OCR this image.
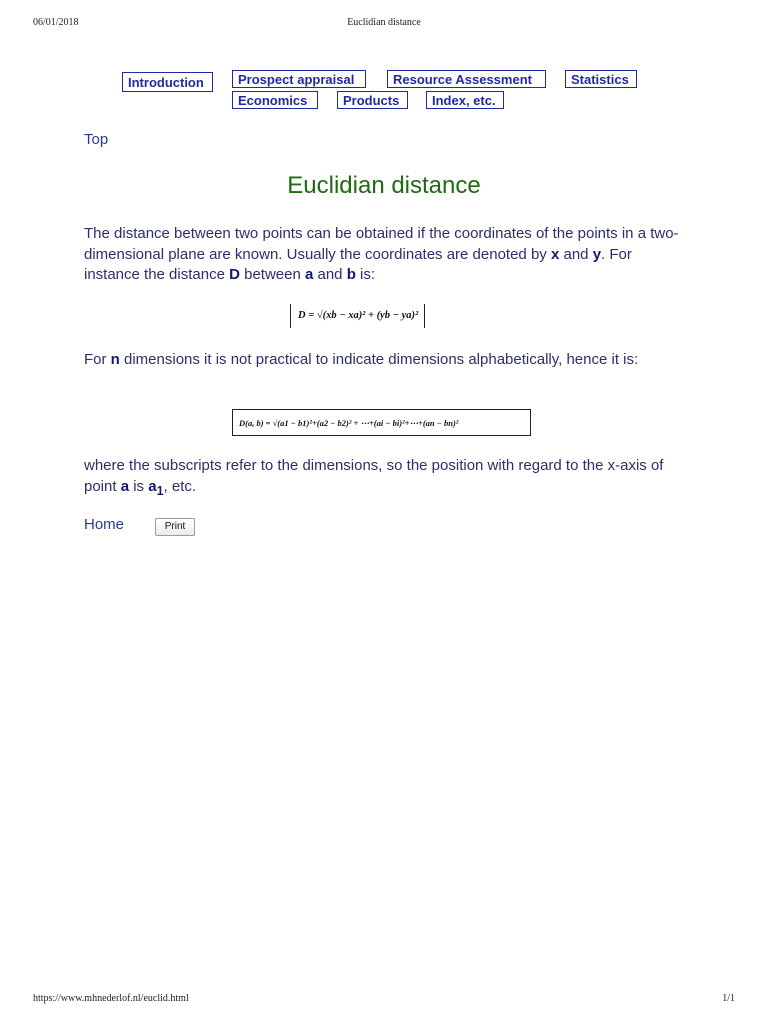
06/01/2018	Euclidian distance
Introduction	Prospect appraisal	Resource Assessment	Statistics
Economics	Products	Index, etc.
Top
Euclidian distance
The distance between two points can be obtained if the coordinates of the points in a two-dimensional plane are known. Usually the coordinates are denoted by x and y. For instance the distance D between a and b is:
D = √(xb − xa)² + (yb − ya)²
For n dimensions it is not practical to indicate dimensions alphabetically, hence it is:
D(a, b) = √(a1 − b1)²+(a2 − b2)² + ⋯+(ai − bi)²+⋯+(an − bn)²
where the subscripts refer to the dimensions, so the position with regard to the x-axis of point a is $a_1$, etc.
Home	Print
https://www.mhnederlof.nl/euclid.html	1/1
